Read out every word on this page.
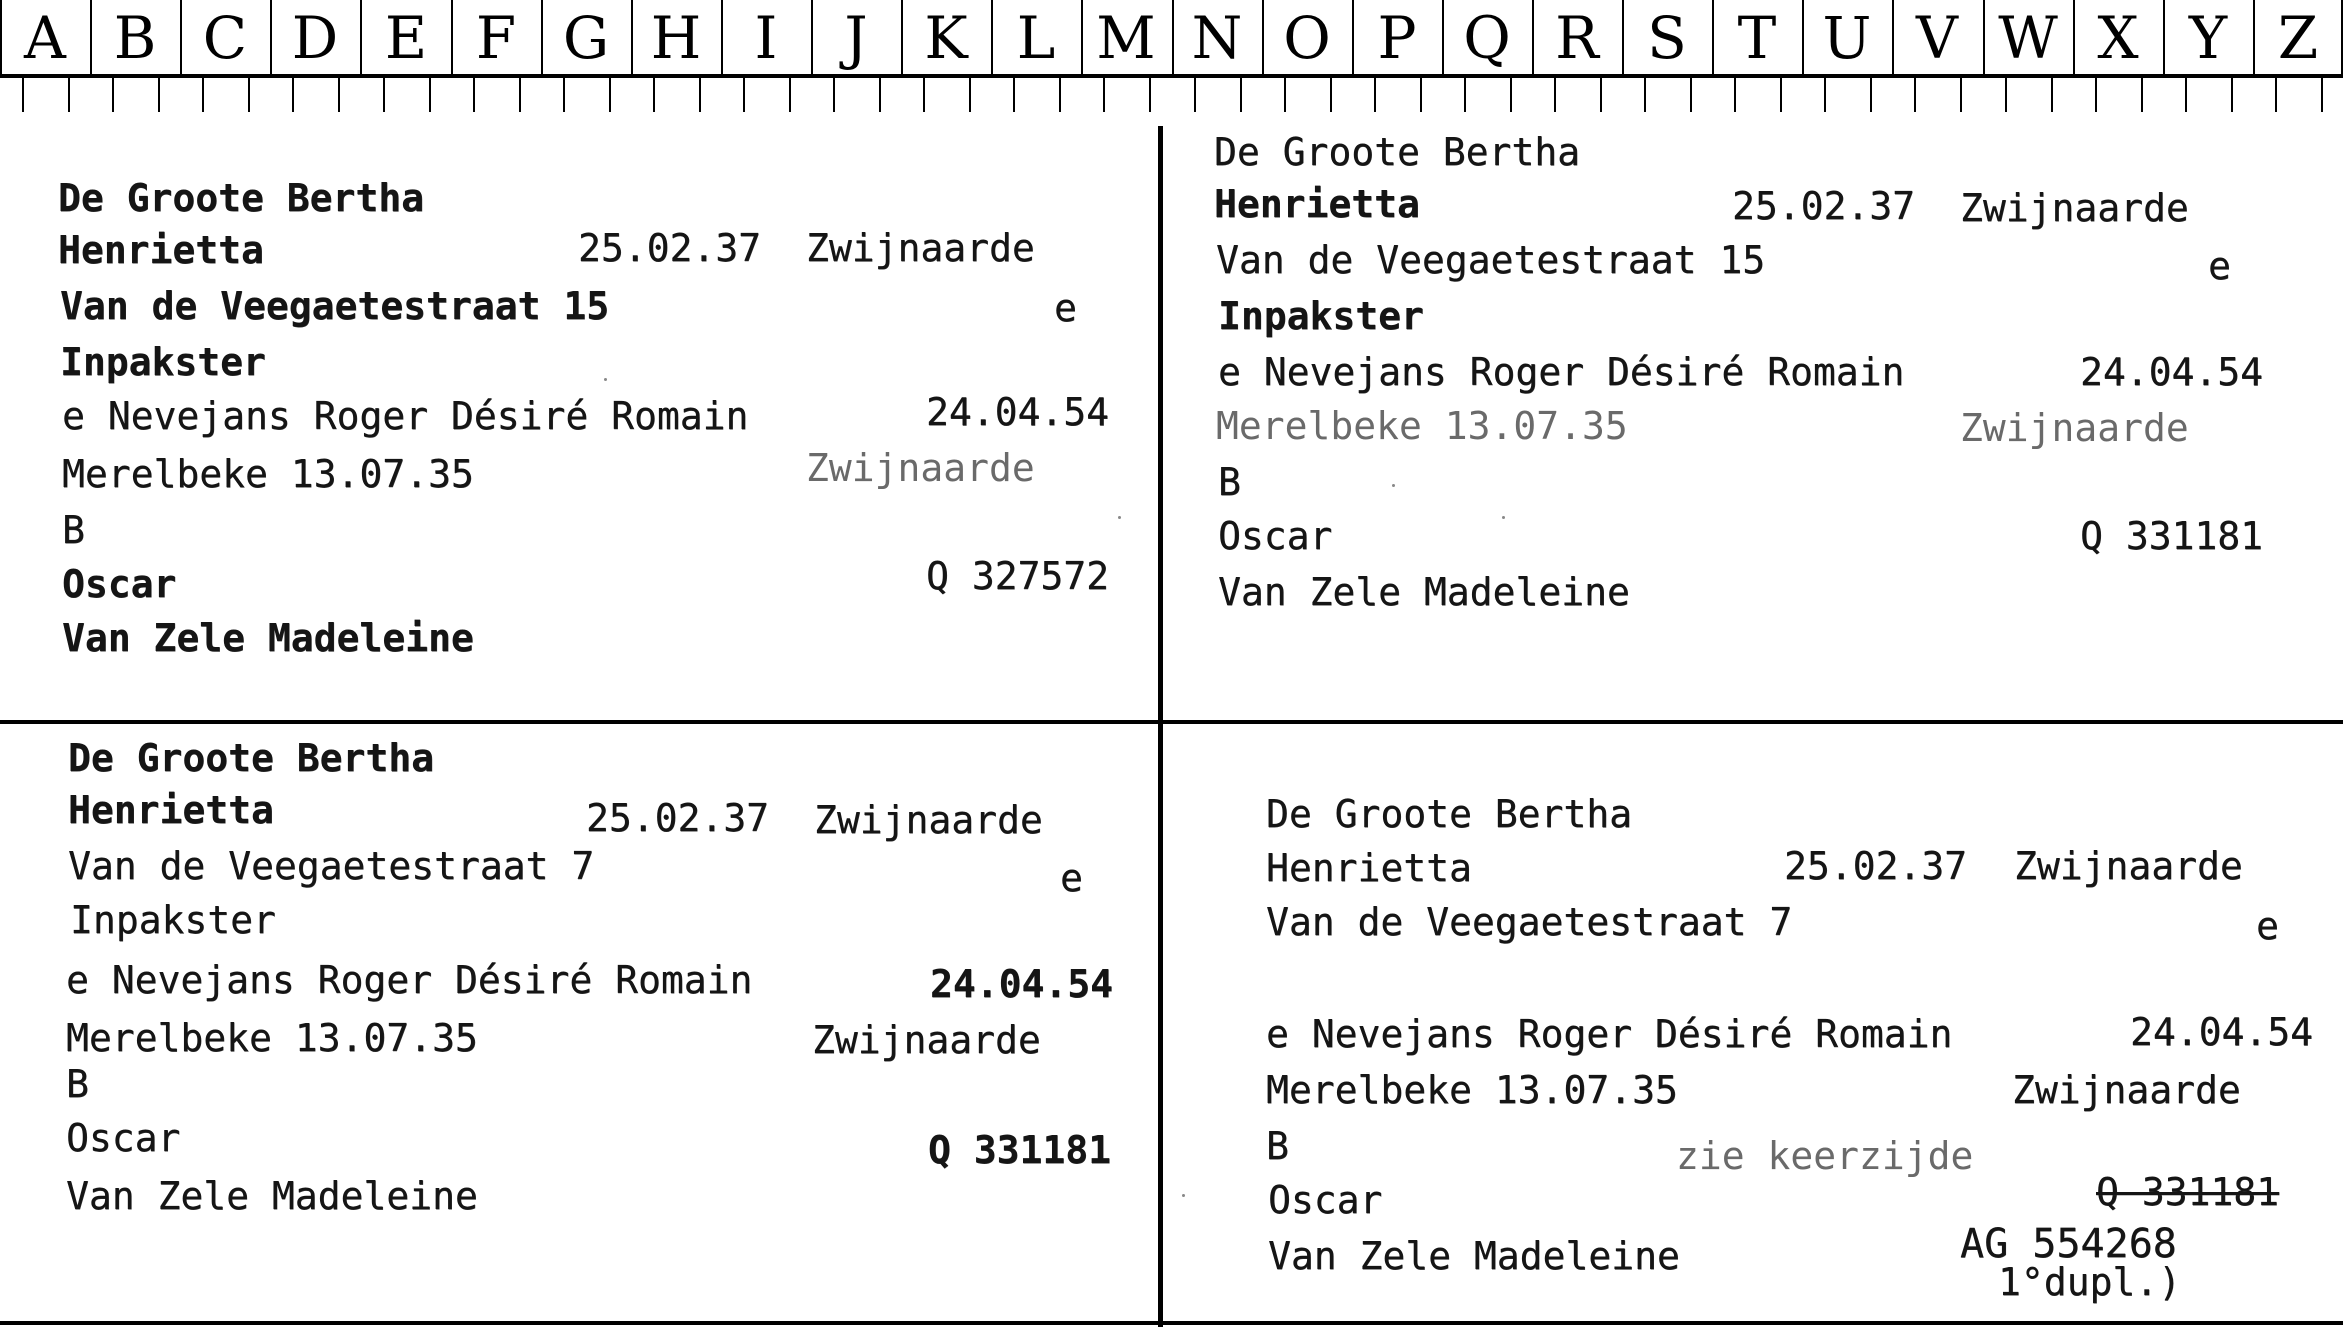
A B C D E F G H I	J K L M N O P Q R S T U V W X Y Z
De Groote Bertha
Henrietta	25.02.37 Zwijnaarde
Van de Veegaetestraat 15	e
Inpakster
e Nevejans Roger Désiré Romain	24.04.54
Merelbeke 13.07.35	Zwijnaarde
B
Oscar	Q 327572
Van Zele Madeleine
De Groote Bertha
Henrietta	25.02.37 Zwijnaarde
Van de Veegaetestraat 15	e
Inpakster
e Nevejans Roger Désiré Romain	24.04.54
Merelbeke 13.07.35	Zwijnaarde
B
Oscar	Q 331181
Van Zele Madeleine
De Groote Bertha
Henrietta	25.02.37 Zwijnaarde
Van de Veegaetestraat 7	e
Inpakster
e Nevejans Roger Désiré Romain	24.04.54
Merelbeke 13.07.35	Zwijnaarde
B
Oscar	Q 331181
Van Zele Madeleine
De Groote Bertha
Henrietta	25.02.37 Zwijnaarde
Van de Veegaetestraat 7	e
e Nevejans Roger Désiré Romain	24.04.54
Merelbeke 13.07.35	Zwijnaarde
B	zie keerzijde
Oscar	Q 331181
Van Zele Madeleine	AG 554268
1°dupl.)
